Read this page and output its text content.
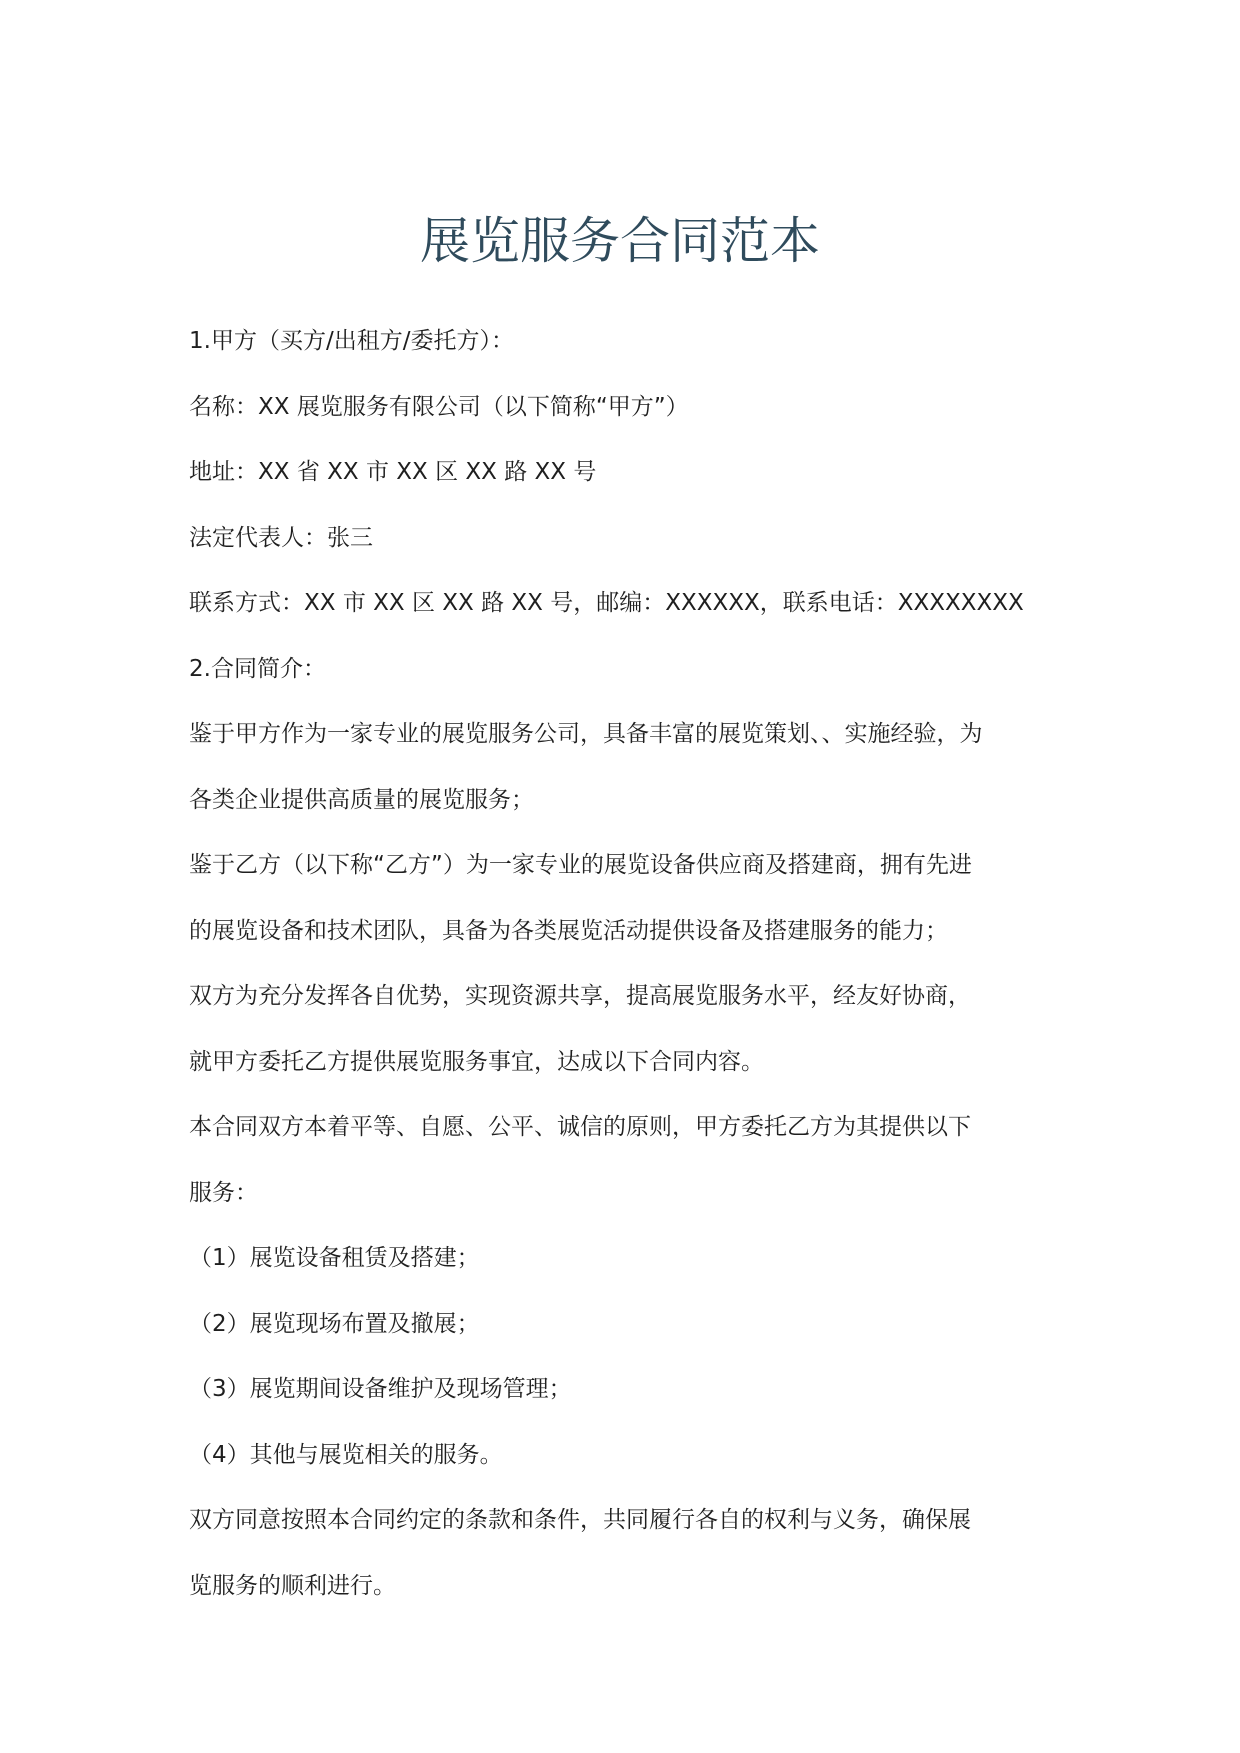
展览服务合同范本

1.甲方（买方/出租方/委托方）：

名称：XX 展览服务有限公司（以下简称“甲方”）

地址：XX 省 XX 市 XX 区 XX 路 XX 号

法定代表人：张三

联系方式：XX 市 XX 区 XX 路 XX 号，邮编：XXXXXX，联系电话：XXXXXXXX

2.合同简介：

鉴于甲方作为一家专业的展览服务公司，具备丰富的展览策划、、实施经验，为

各类企业提供高质量的展览服务；

鉴于乙方（以下称“乙方”）为一家专业的展览设备供应商及搭建商，拥有先进

的展览设备和技术团队，具备为各类展览活动提供设备及搭建服务的能力；

双方为充分发挥各自优势，实现资源共享，提高展览服务水平，经友好协商，

就甲方委托乙方提供展览服务事宜，达成以下合同内容。

本合同双方本着平等、自愿、公平、诚信的原则，甲方委托乙方为其提供以下

服务：

（1）展览设备租赁及搭建；

（2）展览现场布置及撤展；

（3）展览期间设备维护及现场管理；

（4）其他与展览相关的服务。

双方同意按照本合同约定的条款和条件，共同履行各自的权利与义务，确保展

览服务的顺利进行。
